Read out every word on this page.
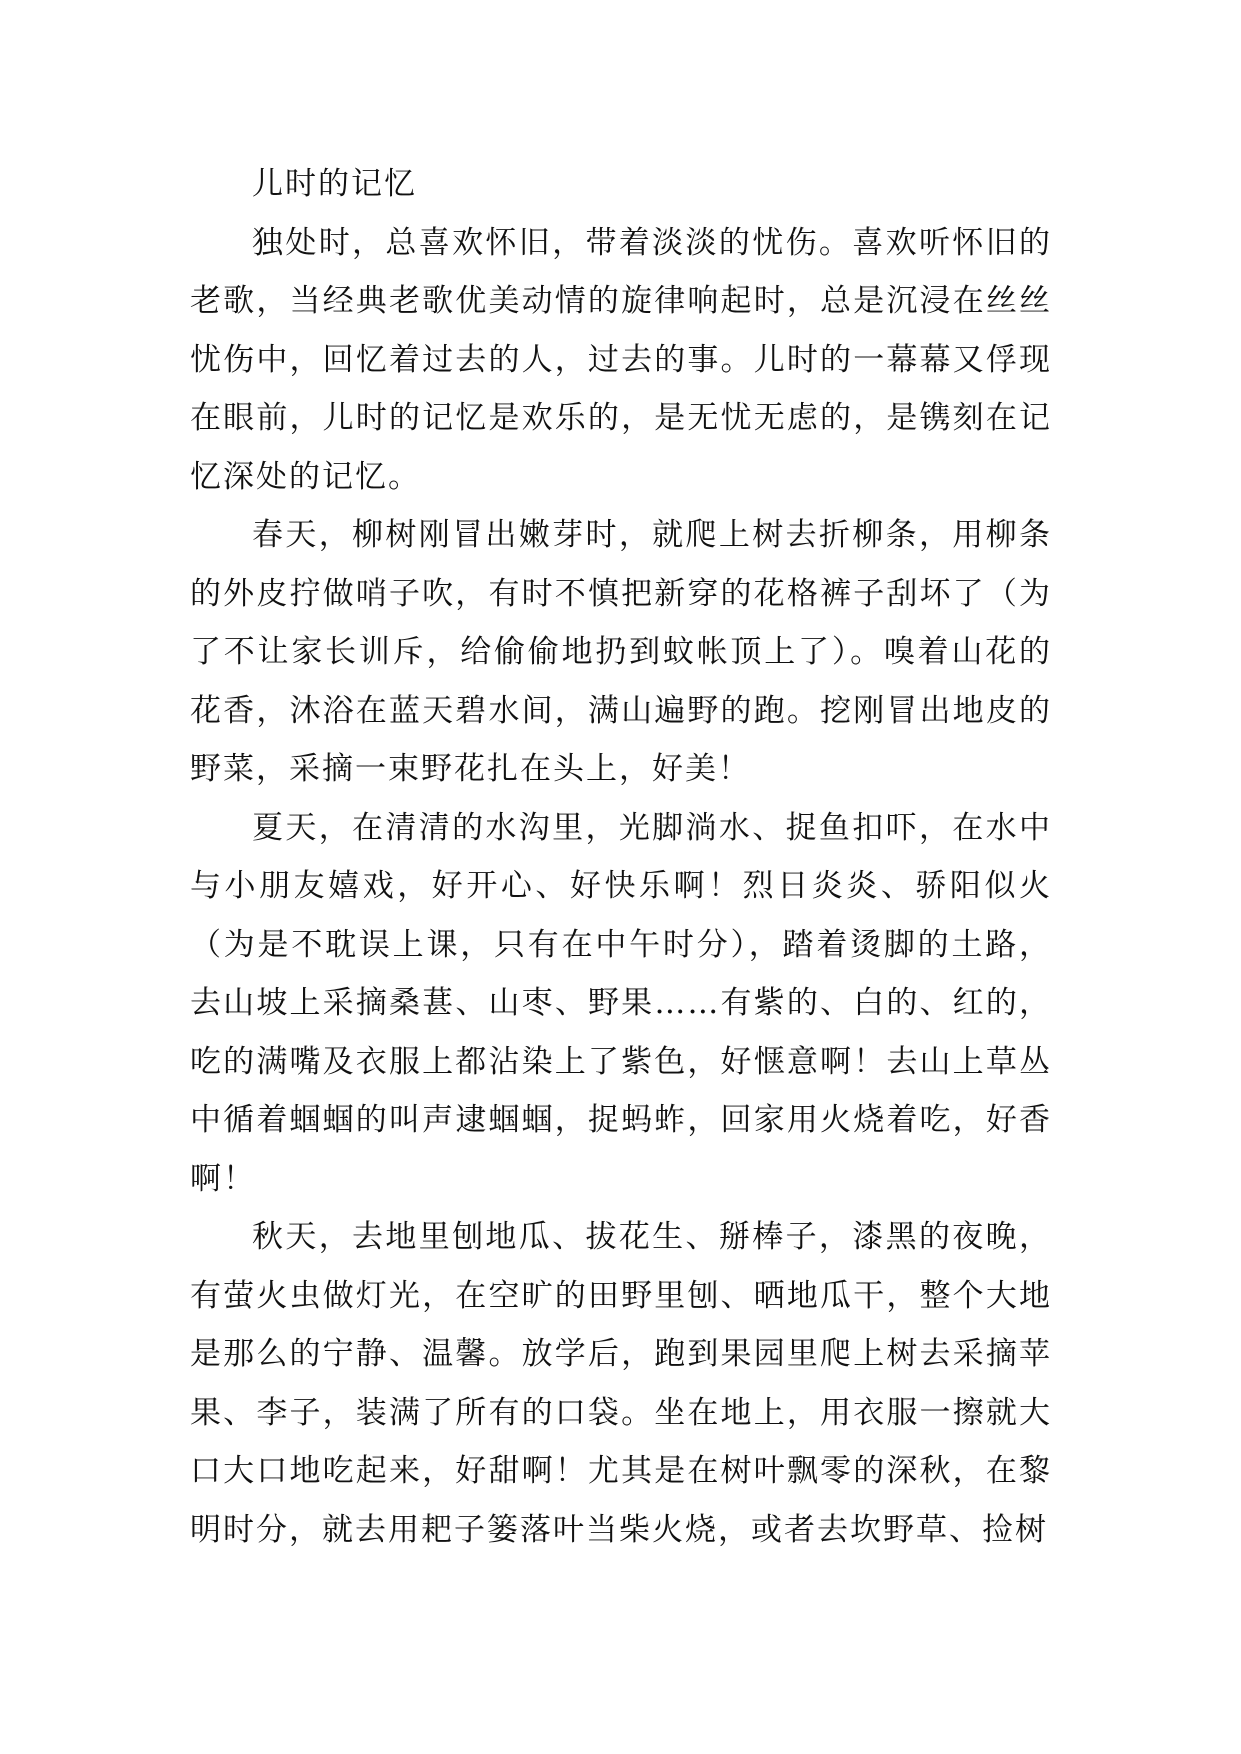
儿时的记忆

独处时，总喜欢怀旧，带着淡淡的忧伤。喜欢听怀旧的老歌，当经典老歌优美动情的旋律响起时，总是沉浸在丝丝忧伤中，回忆着过去的人，过去的事。儿时的一幕幕又俘现在眼前，儿时的记忆是欢乐的，是无忧无虑的，是镌刻在记忆深处的记忆。

春天，柳树刚冒出嫩芽时，就爬上树去折柳条，用柳条的外皮拧做哨子吹，有时不慎把新穿的花格裤子刮坏了（为了不让家长训斥，给偷偷地扔到蚊帐顶上了）。嗅着山花的花香，沐浴在蓝天碧水间，满山遍野的跑。挖刚冒出地皮的野菜，采摘一束野花扎在头上，好美！

夏天，在清清的水沟里，光脚淌水、捉鱼扣吓，在水中与小朋友嬉戏，好开心、好快乐啊！烈日炎炎、骄阳似火（为是不耽误上课，只有在中午时分），踏着烫脚的土路，去山坡上采摘桑葚、山枣、野果……有紫的、白的、红的，吃的满嘴及衣服上都沾染上了紫色，好惬意啊！去山上草丛中循着蝈蝈的叫声逮蝈蝈，捉蚂蚱，回家用火烧着吃，好香啊！

秋天，去地里刨地瓜、拔花生、掰棒子，漆黑的夜晚，有萤火虫做灯光，在空旷的田野里刨、晒地瓜干，整个大地是那么的宁静、温馨。放学后，跑到果园里爬上树去采摘苹果、李子，装满了所有的口袋。坐在地上，用衣服一擦就大口大口地吃起来，好甜啊！尤其是在树叶飘零的深秋，在黎明时分，就去用耙子篓落叶当柴火烧，或者去坎野草、捡树
